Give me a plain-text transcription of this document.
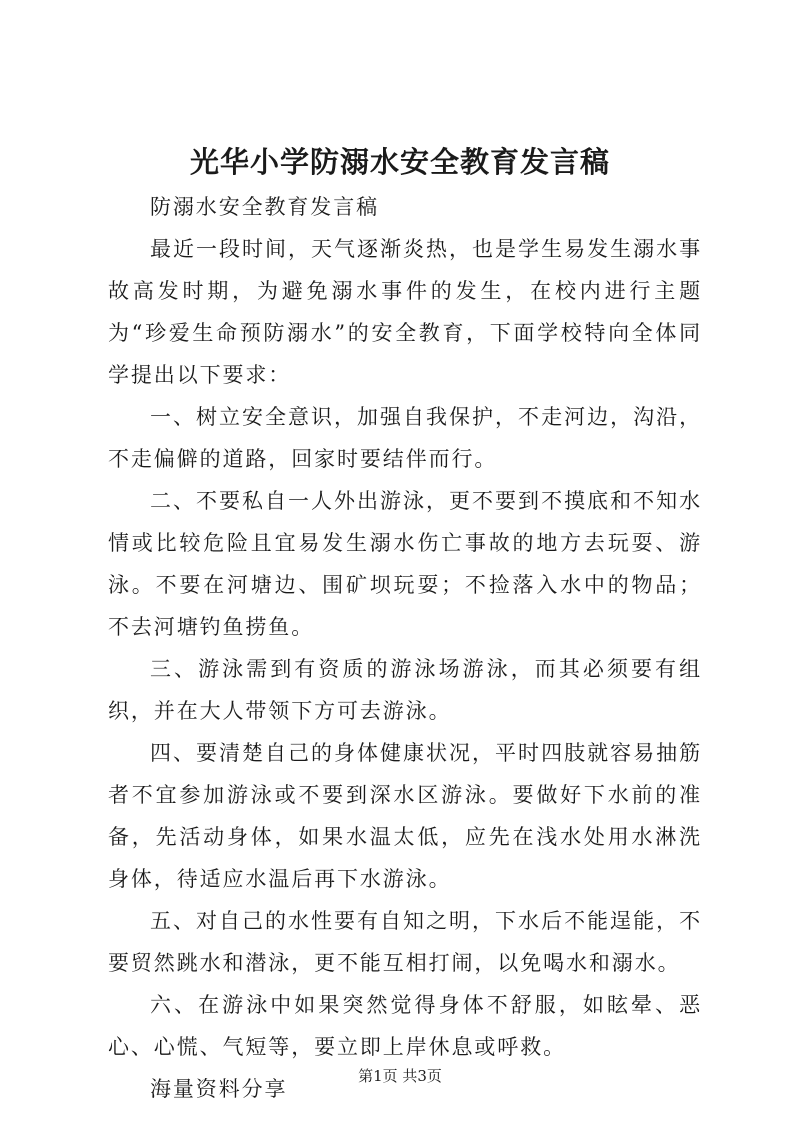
光华小学防溺水安全教育发言稿

防溺水安全教育发言稿

最近一段时间，天气逐渐炎热，也是学生易发生溺水事故高发时期，为避免溺水事件的发生，在校内进行主题为“珍爱生命预防溺水”的安全教育，下面学校特向全体同学提出以下要求：

一、树立安全意识，加强自我保护，不走河边，沟沿，不走偏僻的道路，回家时要结伴而行。

二、不要私自一人外出游泳，更不要到不摸底和不知水情或比较危险且宜易发生溺水伤亡事故的地方去玩耍、游泳。不要在河塘边、围矿坝玩耍；不捡落入水中的物品；不去河塘钓鱼捞鱼。

三、游泳需到有资质的游泳场游泳，而其必须要有组织，并在大人带领下方可去游泳。

四、要清楚自己的身体健康状况，平时四肢就容易抽筋者不宜参加游泳或不要到深水区游泳。要做好下水前的准备，先活动身体，如果水温太低，应先在浅水处用水淋洗身体，待适应水温后再下水游泳。

五、对自己的水性要有自知之明，下水后不能逞能，不要贸然跳水和潜泳，更不能互相打闹，以免喝水和溺水。

六、在游泳中如果突然觉得身体不舒服，如眩晕、恶心、心慌、气短等，要立即上岸休息或呼救。

海量资料分享

第1页 共3页
